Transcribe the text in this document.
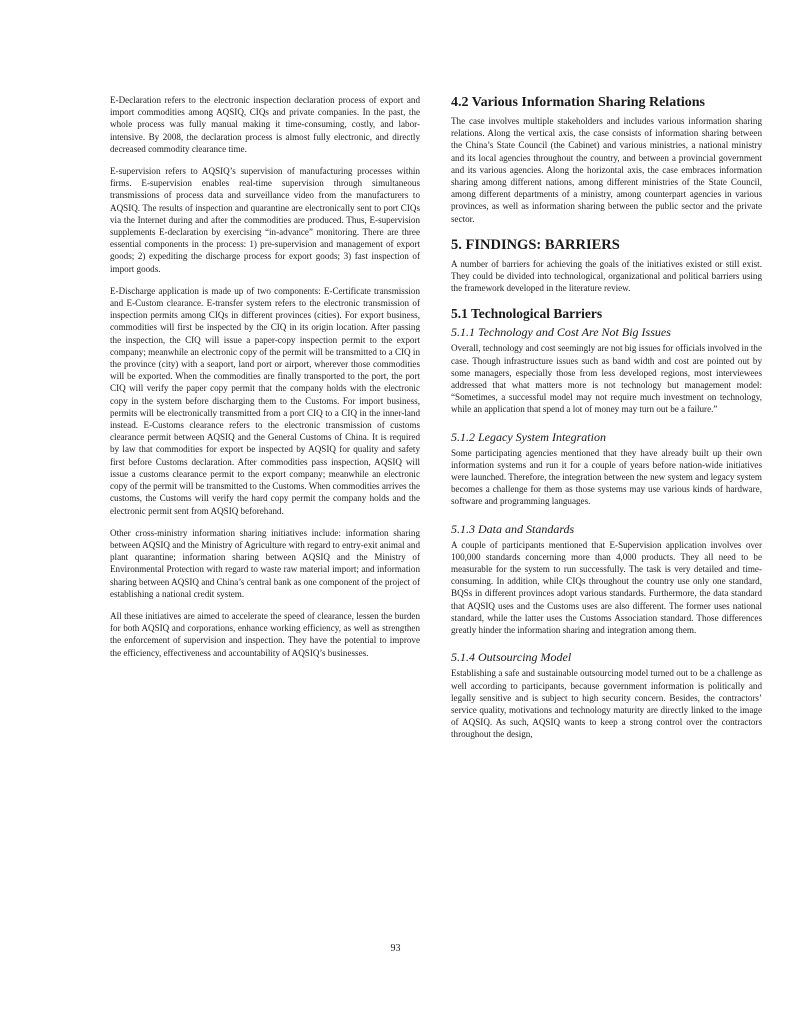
E-Declaration refers to the electronic inspection declaration process of export and import commodities among AQSIQ, CIQs and private companies. In the past, the whole process was fully manual making it time-consuming, costly, and labor-intensive. By 2008, the declaration process is almost fully electronic, and directly decreased commodity clearance time.

E-supervision refers to AQSIQ’s supervision of manufacturing processes within firms. E-supervision enables real-time supervision through simultaneous transmissions of process data and surveillance video from the manufacturers to AQSIQ. The results of inspection and quarantine are electronically sent to port CIQs via the Internet during and after the commodities are produced. Thus, E-supervision supplements E-declaration by exercising “in-advance” monitoring. There are three essential components in the process: 1) pre-supervision and management of export goods; 2) expediting the discharge process for export goods; 3) fast inspection of import goods.

E-Discharge application is made up of two components: E-Certificate transmission and E-Custom clearance. E-transfer system refers to the electronic transmission of inspection permits among CIQs in different provinces (cities). For export business, commodities will first be inspected by the CIQ in its origin location. After passing the inspection, the CIQ will issue a paper-copy inspection permit to the export company; meanwhile an electronic copy of the permit will be transmitted to a CIQ in the province (city) with a seaport, land port or airport, wherever those commodities will be exported. When the commodities are finally transported to the port, the port CIQ will verify the paper copy permit that the company holds with the electronic copy in the system before discharging them to the Customs. For import business, permits will be electronically transmitted from a port CIQ to a CIQ in the inner-land instead. E-Customs clearance refers to the electronic transmission of customs clearance permit between AQSIQ and the General Customs of China. It is required by law that commodities for export be inspected by AQSIQ for quality and safety first before Customs declaration. After commodities pass inspection, AQSIQ will issue a customs clearance permit to the export company; meanwhile an electronic copy of the permit will be transmitted to the Customs. When commodities arrives the customs, the Customs will verify the hard copy permit the company holds and the electronic permit sent from AQSIQ beforehand.

Other cross-ministry information sharing initiatives include: information sharing between AQSIQ and the Ministry of Agriculture with regard to entry-exit animal and plant quarantine; information sharing between AQSIQ and the Ministry of Environmental Protection with regard to waste raw material import; and information sharing between AQSIQ and China’s central bank as one component of the project of establishing a national credit system.

All these initiatives are aimed to accelerate the speed of clearance, lessen the burden for both AQSIQ and corporations, enhance working efficiency, as well as strengthen the enforcement of supervision and inspection. They have the potential to improve the efficiency, effectiveness and accountability of AQSIQ’s businesses.

4.2 Various Information Sharing Relations

The case involves multiple stakeholders and includes various information sharing relations. Along the vertical axis, the case consists of information sharing between the China’s State Council (the Cabinet) and various ministries, a national ministry and its local agencies throughout the country, and between a provincial government and its various agencies. Along the horizontal axis, the case embraces information sharing among different nations, among different ministries of the State Council, among different departments of a ministry, among counterpart agencies in various provinces, as well as information sharing between the public sector and the private sector.

5. FINDINGS: BARRIERS

A number of barriers for achieving the goals of the initiatives existed or still exist. They could be divided into technological, organizational and political barriers using the framework developed in the literature review.

5.1 Technological Barriers
5.1.1 Technology and Cost Are Not Big Issues

Overall, technology and cost seemingly are not big issues for officials involved in the case. Though infrastructure issues such as band width and cost are pointed out by some managers, especially those from less developed regions, most interviewees addressed that what matters more is not technology but management model: “Sometimes, a successful model may not require much investment on technology, while an application that spend a lot of money may turn out be a failure.”

5.1.2 Legacy System Integration

Some participating agencies mentioned that they have already built up their own information systems and run it for a couple of years before nation-wide initiatives were launched. Therefore, the integration between the new system and legacy system becomes a challenge for them as those systems may use various kinds of hardware, software and programming languages.

5.1.3 Data and Standards

A couple of participants mentioned that E-Supervision application involves over 100,000 standards concerning more than 4,000 products. They all need to be measurable for the system to run successfully. The task is very detailed and time-consuming. In addition, while CIQs throughout the country use only one standard, BQSs in different provinces adopt various standards. Furthermore, the data standard that AQSIQ uses and the Customs uses are also different. The former uses national standard, while the latter uses the Customs Association standard. Those differences greatly hinder the information sharing and integration among them.

5.1.4 Outsourcing Model

Establishing a safe and sustainable outsourcing model turned out to be a challenge as well according to participants, because government information is politically and legally sensitive and is subject to high security concern. Besides, the contractors’ service quality, motivations and technology maturity are directly linked to the image of AQSIQ. As such, AQSIQ wants to keep a strong control over the contractors throughout the design,

93
